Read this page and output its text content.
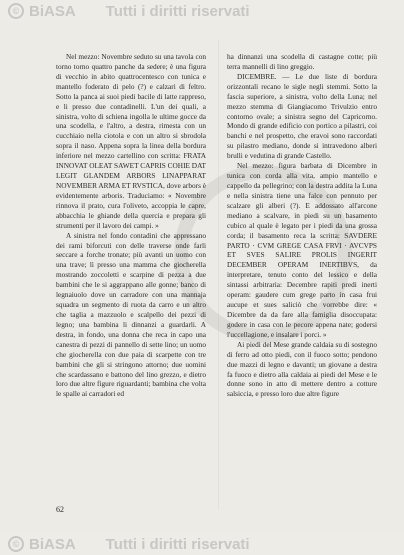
© BiASA Tutti i diritti riservati

Nel mezzo: Novembre seduto su una tavola con torno torno quattro panche da sedere; è una figura di vecchio in abito quattrocentesco con tunica e mantello foderato di pelo (?) e calzari di feltro. Sotto la panca ai suoi piedi bacile di latte rappreso, e li presso due contadinelli. L'un dei quali, a sinistra, volto di schiena ingolla le ultime gocce da una scodella, e l'altro, a destra, rimesta con un cucchiaio nella ciotola e con un altro si sbrodola sopra il naso. Appena sopra la linea della bordura inferiore nel mezzo cartellino con scritta: FRATA INNOVAT OLEAT SAWET CAPRIS COHIE DAT LEGIT GLANDEM ARBORS LINAPPARAT NOVEMBER ARMA ET RVSTICA, dove arbors è evidentemente arboris. Traduciamo: « Novembre rinnova il prato, cura l'oliveto, accoppia le capre, abbacchia le ghiande della quercia e prepara gli strumenti per il lavoro dei campi. »

A sinistra nel fondo contadini che appressano dei rami biforcuti con delle traverse onde farli seccare a forche tronate; più avanti un uomo con una trave; lì presso una mamma che giocherella mostrando zoccoletti e scarpine di pezza a due bambini che le si aggrappano alle gonne; banco di legnaiuolo dove un carradore con una mannaja squadra un segmento di ruota da carro e un altro che taglia a mazzuolo e scalpello dei pezzi di legno; una bambina li dinnanzi a guardarli. A destra, in fondo, una donna che reca in capo una canestra di pezzi di pannello di sette lino; un uomo che giocherella con due paia di scarpette con tre bambini che gli si stringono attorno; due uomini che scardassano e battono del lino grezzo, e dietro loro due altre figure riguardanti; bambina che volta le spalle ai carradori ed

ha dinnanzi una scodella di castagne cotte; più terra mannelli di lino greggio.

DICEMBRE. — Le due liste di bordura orizzontali recano le sigle negli stemmi. Sotto la fascia superiore, a sinistra, volto della Luna; nel mezzo stemma di Giangiacomo Trivulzio entro contorno ovale; a sinistra segno del Capricorno. Mondo di grande edificio con portico a pilastri, coi banchi e nel prospetto, che eravoi sono raccordati su pilastro mediano, donde si intravedono alberi brulli e vedutina di grande Castello.

Nel mezzo: figura barbata di Dicembre in tunica con corda alla vita, ampio mantello e cappello da pellegrino; con la destra addita la Luna e nella sinistra tiene una falce con pennuto per scalzare gli alberi (?). E addossato all'arcone mediano a scalvare, in piedi su un basamento cubico al quale è legato per i piedi da una grossa corda; il basamento reca la scritta: SAVDERE PARTO · CVM GREGE CASA FRVI · AVCVPS ET SVES SALIRE PROLIS INGERIT DECEMBER OPERAM INERTIBVS, da interpretare, tenuto conto del lessico e della sintassi arbitraria: Decembre rapiti predi inerti operam: gaudere cum grege parto in casa frui aucupe et sues saliciò che vorrebbe dire: « Dicembre da da fare alla famiglia disoccupata: godere in casa con le pecore appena nate; godersi l'uccellagione, e insalare i porci. »

Ai piedi del Mese grande caldaia su di sostegno di ferro ad otto piedi, con il fuoco sotto; pendono due mazzi di legno e davanti; un giovane a destra fa fuoco e dietro alla caldaia ai piedi del Mese e le donne sono in atto di mettere dentro a cotture salsiccia, e presso loro due altre figure

62
© BiASA Tutti i diritti riservati
